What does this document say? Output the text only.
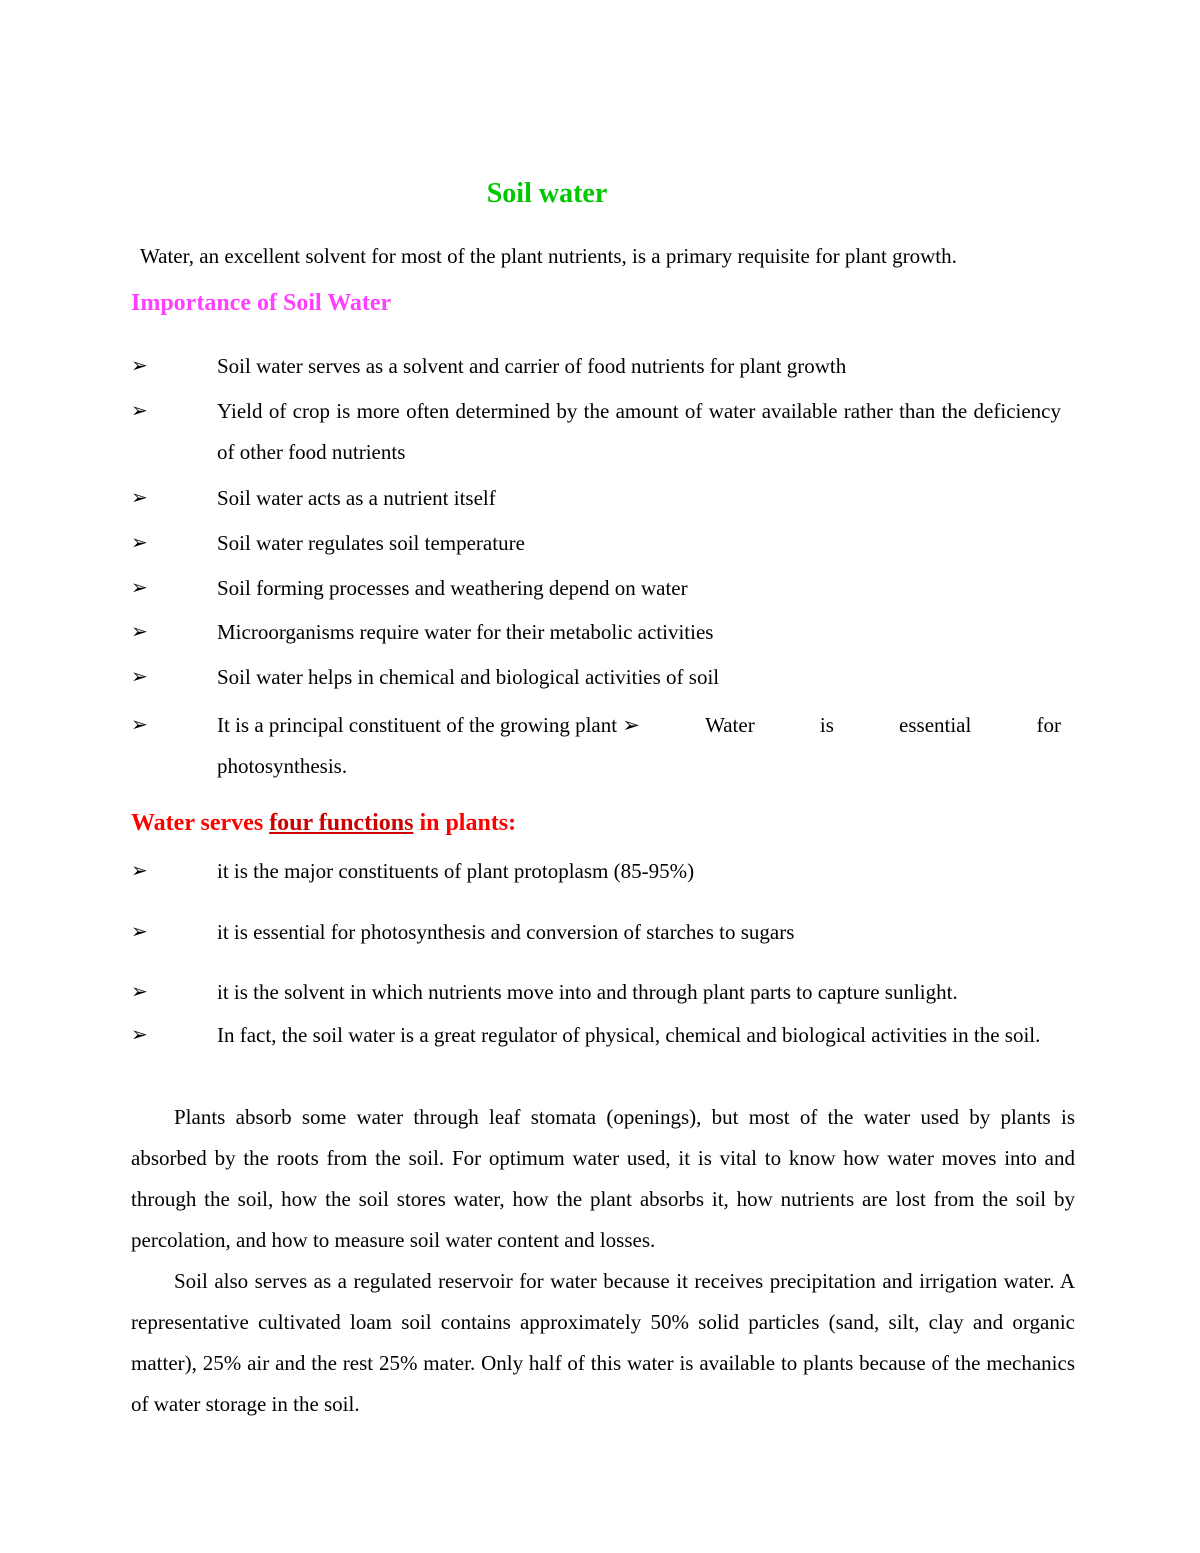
Soil water
Water, an excellent solvent for most of the plant nutrients, is a primary requisite for plant growth.
Importance of Soil Water
➢	Soil water serves as a solvent and carrier of food nutrients for plant growth
➢	Yield of crop is more often determined by the amount of water available rather than the deficiency of other food nutrients
➢	Soil water acts as a nutrient itself
➢	Soil water regulates soil temperature
➢	Soil forming processes and weathering depend on water
➢	Microorganisms require water for their metabolic activities
➢	Soil water helps in chemical and biological activities of soil
➢	It is a principal constituent of the growing plant ➢	Water	is	essential	for
photosynthesis.
Water serves four functions in plants:
➢	it is the major constituents of plant protoplasm (85-95%)
➢	it is essential for photosynthesis and conversion of starches to sugars
➢	it is the solvent in which nutrients move into and through plant parts to capture sunlight.
➢	In fact, the soil water is a great regulator of physical, chemical and biological activities in the soil.
Plants absorb some water through leaf stomata (openings), but most of the water used by plants is absorbed by the roots from the soil. For optimum water used, it is vital to know how water moves into and through the soil, how the soil stores water, how the plant absorbs it, how nutrients are lost from the soil by percolation, and how to measure soil water content and losses.
Soil also serves as a regulated reservoir for water because it receives precipitation and irrigation water. A representative cultivated loam soil contains approximately 50% solid particles (sand, silt, clay and organic matter), 25% air and the rest 25% mater. Only half of this water is available to plants because of the mechanics of water storage in the soil.
